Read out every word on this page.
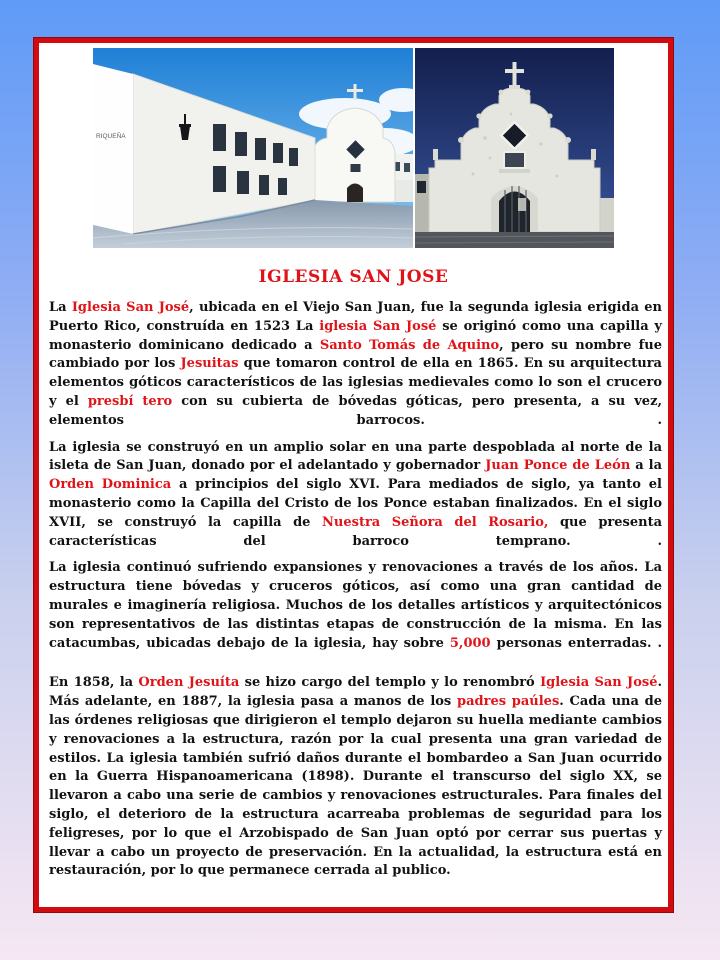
RIQUEÑA
IGLESIA SAN JOSE

La Iglesia San José, ubicada en el Viejo San Juan, fue la segunda iglesia erigida en Puerto Rico, construída en 1523 La iglesia San José se originó como una capilla y monasterio dominicano dedicado a Santo Tomás de Aquino, pero su nombre fue cambiado por los Jesuitas que tomaron control de ella en 1865. En su arquitectura elementos góticos característicos de las iglesias medievales como lo son el crucero y el presbí tero con su cubierta de bóvedas góticas, pero presenta, a su vez, elementos barrocos.	.

La iglesia se construyó en un amplio solar en una parte despoblada al norte de la isleta de San Juan, donado por el adelantado y gobernador Juan Ponce de León a la Orden Dominica a principios del siglo XVI. Para mediados de siglo, ya tanto el monasterio como la Capilla del Cristo de los Ponce estaban finalizados. En el siglo XVII, se construyó la capilla de Nuestra Señora del Rosario, que presenta características del barroco temprano.	.

La iglesia continuó sufriendo expansiones y renovaciones a través de los años. La estructura tiene bóvedas y cruceros góticos, así como una gran cantidad de murales e imaginería religiosa. Muchos de los detalles artísticos y arquitectónicos son representativos de las distintas etapas de construcción de la misma. En las catacumbas, ubicadas debajo de la iglesia, hay sobre 5,000 personas enterradas. .

En 1858, la Orden Jesuíta se hizo cargo del templo y lo renombró Iglesia San José. Más adelante, en 1887, la iglesia pasa a manos de los padres paúles. Cada una de las órdenes religiosas que dirigieron el templo dejaron su huella mediante cambios y renovaciones a la estructura, razón por la cual presenta una gran variedad de estilos. La iglesia también sufrió daños durante el bombardeo a San Juan ocurrido en la Guerra Hispanoamericana (1898). Durante el transcurso del siglo XX, se llevaron a cabo una serie de cambios y renovaciones estructurales. Para finales del siglo, el deterioro de la estructura acarreaba problemas de seguridad para los feligreses, por lo que el Arzobispado de San Juan optó por cerrar sus puertas y llevar a cabo un proyecto de preservación. En la actualidad, la estructura está en restauración, por lo que permanece cerrada al publico.
